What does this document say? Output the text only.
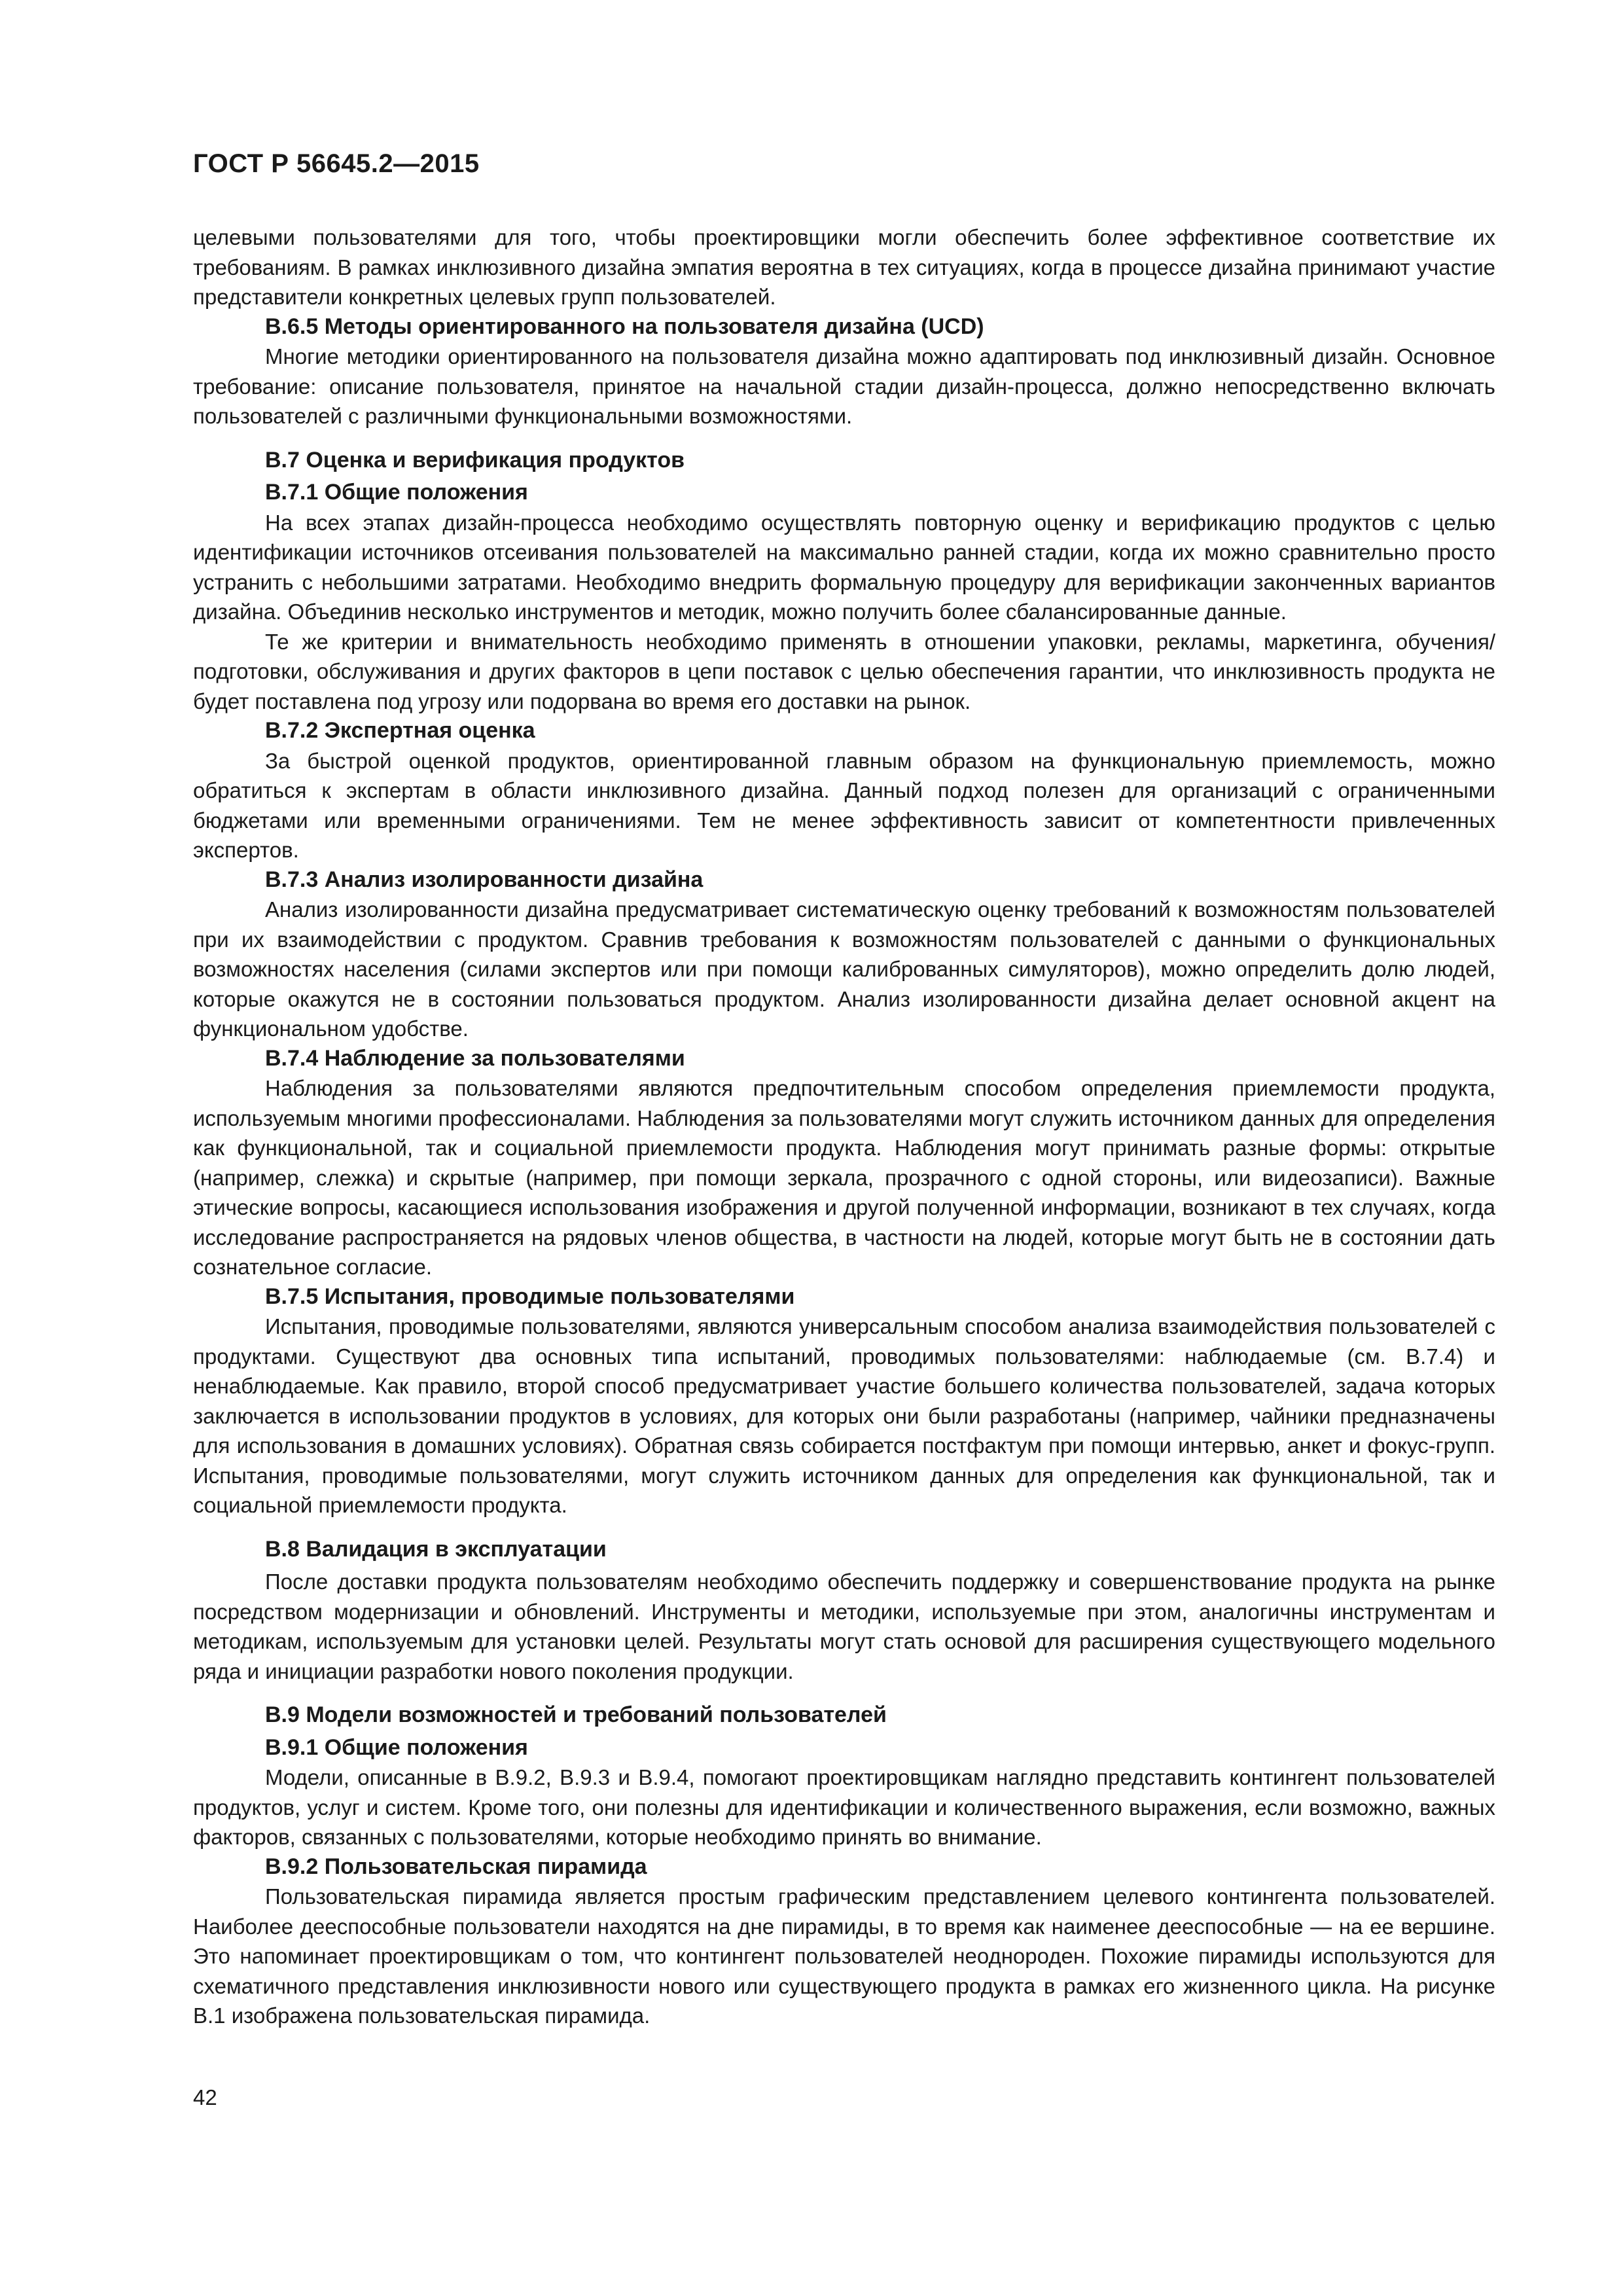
ГОСТ Р 56645.2—2015

целевыми пользователями для того, чтобы проектировщики могли обеспечить более эффективное соответствие их требованиям. В рамках инклюзивного дизайна эмпатия вероятна в тех ситуациях, когда в процессе дизайна принимают участие представители конкретных целевых групп пользователей.

B.6.5 Методы ориентированного на пользователя дизайна (UCD)

Многие методики ориентированного на пользователя дизайна можно адаптировать под инклюзивный дизайн. Основное требование: описание пользователя, принятое на начальной стадии дизайн-процесса, должно непосредственно включать пользователей с различными функциональными возможностями.

В.7 Оценка и верификация продуктов
В.7.1 Общие положения

На всех этапах дизайн-процесса необходимо осуществлять повторную оценку и верификацию продуктов с целью идентификации источников отсеивания пользователей на максимально ранней стадии, когда их можно сравнительно просто устранить с небольшими затратами. Необходимо внедрить формальную процедуру для верификации законченных вариантов дизайна. Объединив несколько инструментов и методик, можно получить более сбалансированные данные.

Те же критерии и внимательность необходимо применять в отношении упаковки, рекламы, маркетинга, обучения/подготовки, обслуживания и других факторов в цепи поставок с целью обеспечения гарантии, что инклюзивность продукта не будет поставлена под угрозу или подорвана во время его доставки на рынок.

В.7.2 Экспертная оценка

За быстрой оценкой продуктов, ориентированной главным образом на функциональную приемлемость, можно обратиться к экспертам в области инклюзивного дизайна. Данный подход полезен для организаций с ограниченными бюджетами или временными ограничениями. Тем не менее эффективность зависит от компетентности привлеченных экспертов.

В.7.3 Анализ изолированности дизайна

Анализ изолированности дизайна предусматривает систематическую оценку требований к возможностям пользователей при их взаимодействии с продуктом. Сравнив требования к возможностям пользователей с данными о функциональных возможностях населения (силами экспертов или при помощи калиброванных симуляторов), можно определить долю людей, которые окажутся не в состоянии пользоваться продуктом. Анализ изолированности дизайна делает основной акцент на функциональном удобстве.

В.7.4 Наблюдение за пользователями

Наблюдения за пользователями являются предпочтительным способом определения приемлемости продукта, используемым многими профессионалами. Наблюдения за пользователями могут служить источником данных для определения как функциональной, так и социальной приемлемости продукта. Наблюдения могут принимать разные формы: открытые (например, слежка) и скрытые (например, при помощи зеркала, прозрачного с одной стороны, или видеозаписи). Важные этические вопросы, касающиеся использования изображения и другой полученной информации, возникают в тех случаях, когда исследование распространяется на рядовых членов общества, в частности на людей, которые могут быть не в состоянии дать сознательное согласие.

В.7.5 Испытания, проводимые пользователями

Испытания, проводимые пользователями, являются универсальным способом анализа взаимодействия пользователей с продуктами. Существуют два основных типа испытаний, проводимых пользователями: наблюдаемые (см. В.7.4) и ненаблюдаемые. Как правило, второй способ предусматривает участие большего количества пользователей, задача которых заключается в использовании продуктов в условиях, для которых они были разработаны (например, чайники предназначены для использования в домашних условиях). Обратная связь собирается постфактум при помощи интервью, анкет и фокус-групп. Испытания, проводимые пользователями, могут служить источником данных для определения как функциональной, так и социальной приемлемости продукта.

В.8 Валидация в эксплуатации

После доставки продукта пользователям необходимо обеспечить поддержку и совершенствование продукта на рынке посредством модернизации и обновлений. Инструменты и методики, используемые при этом, аналогичны инструментам и методикам, используемым для установки целей. Результаты могут стать основой для расширения существующего модельного ряда и инициации разработки нового поколения продукции.

В.9 Модели возможностей и требований пользователей
В.9.1 Общие положения

Модели, описанные в В.9.2, В.9.3 и В.9.4, помогают проектировщикам наглядно представить контингент пользователей продуктов, услуг и систем. Кроме того, они полезны для идентификации и количественного выражения, если возможно, важных факторов, связанных с пользователями, которые необходимо принять во внимание.

В.9.2 Пользовательская пирамида

Пользовательская пирамида является простым графическим представлением целевого контингента пользователей. Наиболее дееспособные пользователи находятся на дне пирамиды, в то время как наименее дееспособные — на ее вершине. Это напоминает проектировщикам о том, что контингент пользователей неоднороден. Похожие пирамиды используются для схематичного представления инклюзивности нового или существующего продукта в рамках его жизненного цикла. На рисунке В.1 изображена пользовательская пирамида.

42
